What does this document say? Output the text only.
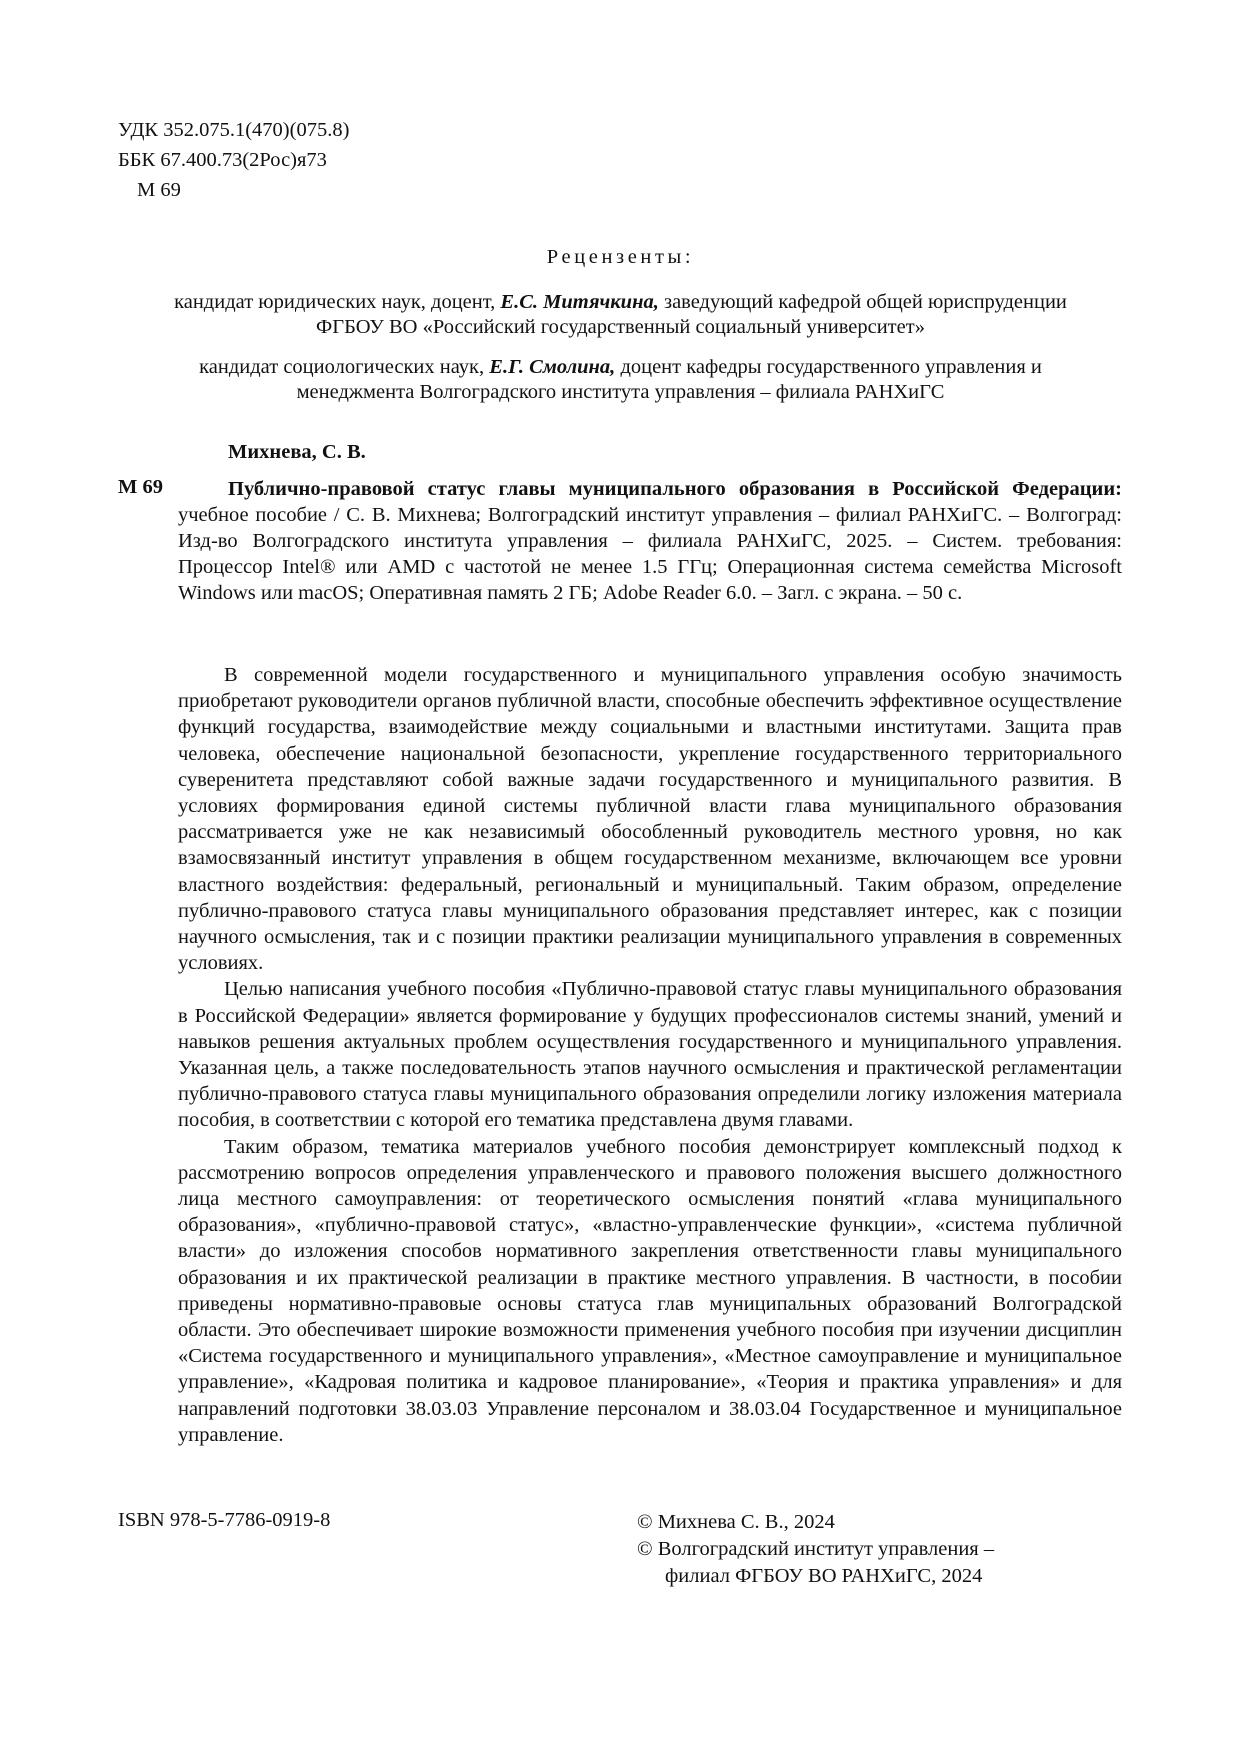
УДК 352.075.1(470)(075.8)
ББК 67.400.73(2Рос)я73
М 69
Рецензенты:
кандидат юридических наук, доцент, Е.С. Митячкина, заведующий кафедрой общей юриспруденции ФГБОУ ВО «Российский государственный социальный университет»
кандидат социологических наук, Е.Г. Смолина, доцент кафедры государственного управления и менеджмента Волгоградского института управления – филиала РАНХиГС
Михнева, С. В.
М 69	Публично-правовой статус главы муниципального образования в Российской Федерации: учебное пособие / С. В. Михнева; Волгоградский институт управления – филиал РАНХиГС. – Волгоград: Изд-во Волгоградского института управления – филиала РАНХиГС, 2025. – Систем. требования: Процессор Intel® или AMD с частотой не менее 1.5 ГГц; Операционная система семейства Microsoft Windows или macOS; Оперативная память 2 ГБ; Adobe Reader 6.0. – Загл. с экрана. – 50 с.

В современной модели государственного и муниципального управления особую значимость приобретают руководители органов публичной власти, способные обеспечить эффективное осуществление функций государства, взаимодействие между социальными и властными институтами. Защита прав человека, обеспечение национальной безопасности, укрепление государственного территориального суверенитета представляют собой важные задачи государственного и муниципального развития. В условиях формирования единой системы публичной власти глава муниципального образования рассматривается уже не как независимый обособленный руководитель местного уровня, но как взамосвязанный институт управления в общем государственном механизме, включающем все уровни властного воздействия: федеральный, региональный и муниципальный. Таким образом, определение публично-правового статуса главы муниципального образования представляет интерес, как с позиции научного осмысления, так и с позиции практики реализации муниципального управления в современных условиях.

Целью написания учебного пособия «Публично-правовой статус главы муниципального образования в Российской Федерации» является формирование у будущих профессионалов системы знаний, умений и навыков решения актуальных проблем осуществления государственного и муниципального управления. Указанная цель, а также последовательность этапов научного осмысления и практической регламентации публично-правового статуса главы муниципального образования определили логику изложения материала пособия, в соответствии с которой его тематика представлена двумя главами.

Таким образом, тематика материалов учебного пособия демонстрирует комплексный подход к рассмотрению вопросов определения управленческого и правового положения высшего должностного лица местного самоуправления: от теоретического осмысления понятий «глава муниципального образования», «публично-правовой статус», «властно-управленческие функции», «система публичной власти» до изложения способов нормативного закрепления ответственности главы муниципального образования и их практической реализации в практике местного управления. В частности, в пособии приведены нормативно-правовые основы статуса глав муниципальных образований Волгоградской области. Это обеспечивает широкие возможности применения учебного пособия при изучении дисциплин «Система государственного и муниципального управления», «Местное самоуправление и муниципальное управление», «Кадровая политика и кадровое планирование», «Теория и практика управления» и для направлений подготовки 38.03.03 Управление персоналом и 38.03.04 Государственное и муниципальное управление.

ISBN 978-5-7786-0919-8	© Михнева С. В., 2024
© Волгоградский институт управления –
филиал ФГБОУ ВО РАНХиГС, 2024
